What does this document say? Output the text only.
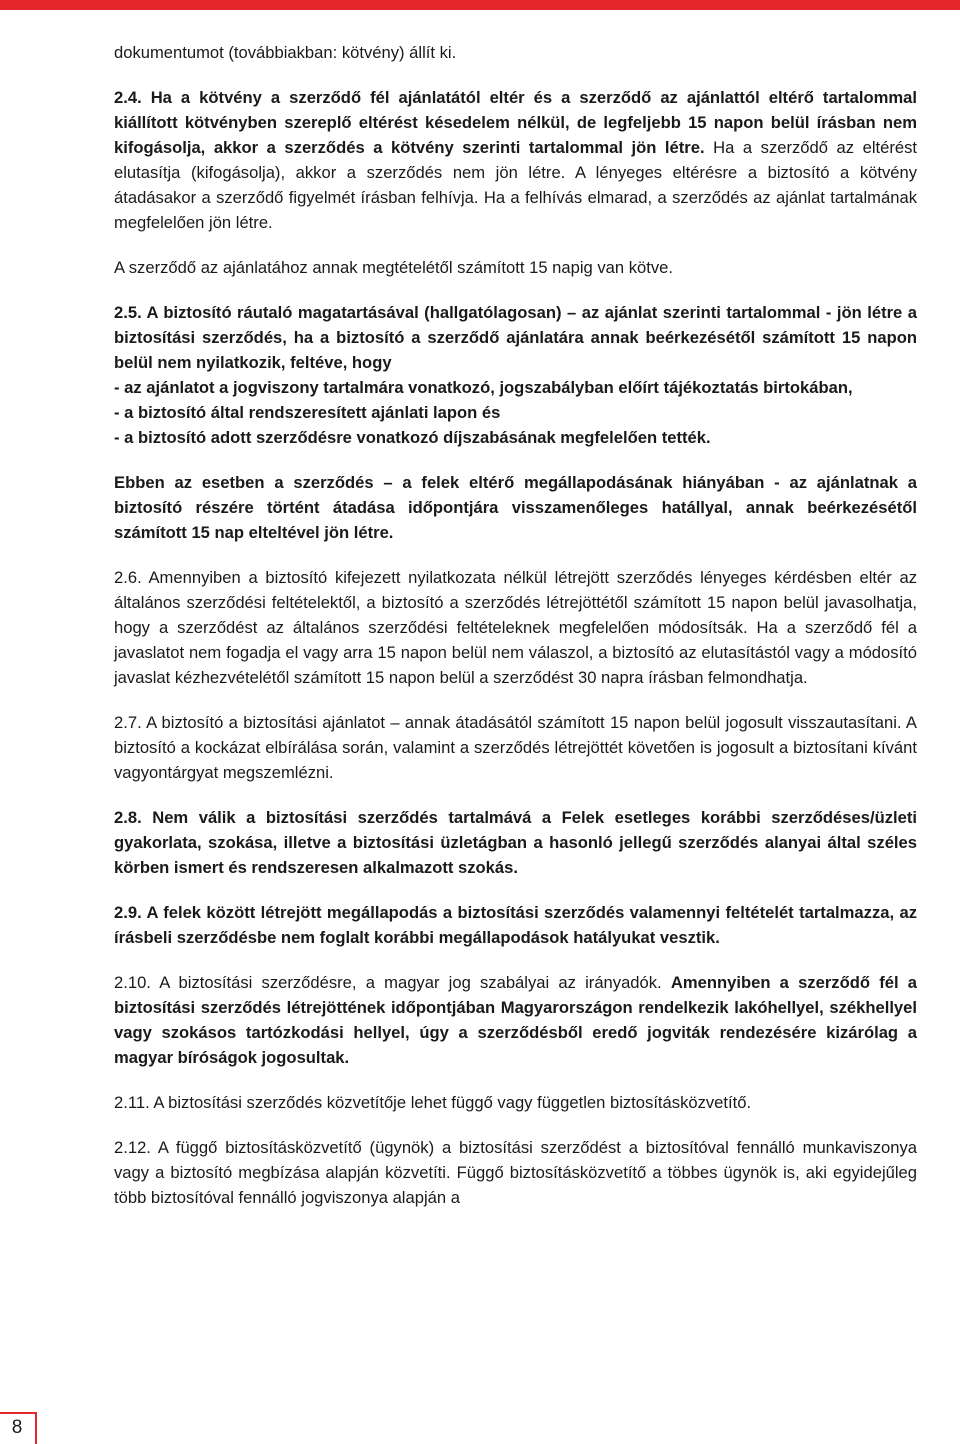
dokumentumot (továbbiakban: kötvény) állít ki.

2.4. Ha a kötvény a szerződő fél ajánlatától eltér és a szerződő az ajánlattól eltérő tartalommal kiállított kötvényben szereplő eltérést késedelem nélkül, de legfeljebb 15 napon belül írásban nem kifogásolja, akkor a szerződés a kötvény szerinti tartalommal jön létre. Ha a szerződő az eltérést elutasítja (kifogásolja), akkor a szerződés nem jön létre. A lényeges eltérésre a biztosító a kötvény átadásakor a szerződő figyelmét írásban felhívja. Ha a felhívás elmarad, a szerződés az ajánlat tartalmának megfelelően jön létre.

A szerződő az ajánlatához annak megtételétől számított 15 napig van kötve.

2.5. A biztosító ráutaló magatartásával (hallgatólagosan) – az ajánlat szerinti tartalommal - jön létre a biztosítási szerződés, ha a biztosító a szerződő ajánlatára annak beérkezésétől számított 15 napon belül nem nyilatkozik, feltéve, hogy
- az ajánlatot a jogviszony tartalmára vonatkozó, jogszabályban előírt tájékoztatás birtokában,
- a biztosító által rendszeresített ajánlati lapon és
- a biztosító adott szerződésre vonatkozó díjszabásának megfelelően tették.

Ebben az esetben a szerződés – a felek eltérő megállapodásának hiányában - az ajánlatnak a biztosító részére történt átadása időpontjára visszamenőleges hatállyal, annak beérkezésétől számított 15 nap elteltével jön létre.

2.6. Amennyiben a biztosító kifejezett nyilatkozata nélkül létrejött szerződés lényeges kérdésben eltér az általános szerződési feltételektől, a biztosító a szerződés létrejöttétől számított 15 napon belül javasolhatja, hogy a szerződést az általános szerződési feltételeknek megfelelően módosítsák. Ha a szerződő fél a javaslatot nem fogadja el vagy arra 15 napon belül nem válaszol, a biztosító az elutasítástól vagy a módosító javaslat kézhezvételétől számított 15 napon belül a szerződést 30 napra írásban felmondhatja.

2.7. A biztosító a biztosítási ajánlatot – annak átadásától számított 15 napon belül jogosult visszautasítani. A biztosító a kockázat elbírálása során, valamint a szerződés létrejöttét követően is jogosult a biztosítani kívánt vagyontárgyat megszemlézni.

2.8. Nem válik a biztosítási szerződés tartalmává a Felek esetleges korábbi szerződéses/üzleti gyakorlata, szokása, illetve a biztosítási üzletágban a hasonló jellegű szerződés alanyai által széles körben ismert és rendszeresen alkalmazott szokás.

2.9. A felek között létrejött megállapodás a biztosítási szerződés valamennyi feltételét tartalmazza, az írásbeli szerződésbe nem foglalt korábbi megállapodások hatályukat vesztik.

2.10. A biztosítási szerződésre, a magyar jog szabályai az irányadók. Amennyiben a szerződő fél a biztosítási szerződés létrejöttének időpontjában Magyarországon rendelkezik lakóhellyel, székhellyel vagy szokásos tartózkodási hellyel, úgy a szerződésből eredő jogviták rendezésére kizárólag a magyar bíróságok jogosultak.

2.11. A biztosítási szerződés közvetítője lehet függő vagy független biztosításközvetítő.

2.12. A függő biztosításközvetítő (ügynök) a biztosítási szerződést a biztosítóval fennálló munkaviszonya vagy a biztosító megbízása alapján közvetíti. Függő biztosításközvetítő a többes ügynök is, aki egyidejűleg több biztosítóval fennálló jogviszonya alapján a

8
